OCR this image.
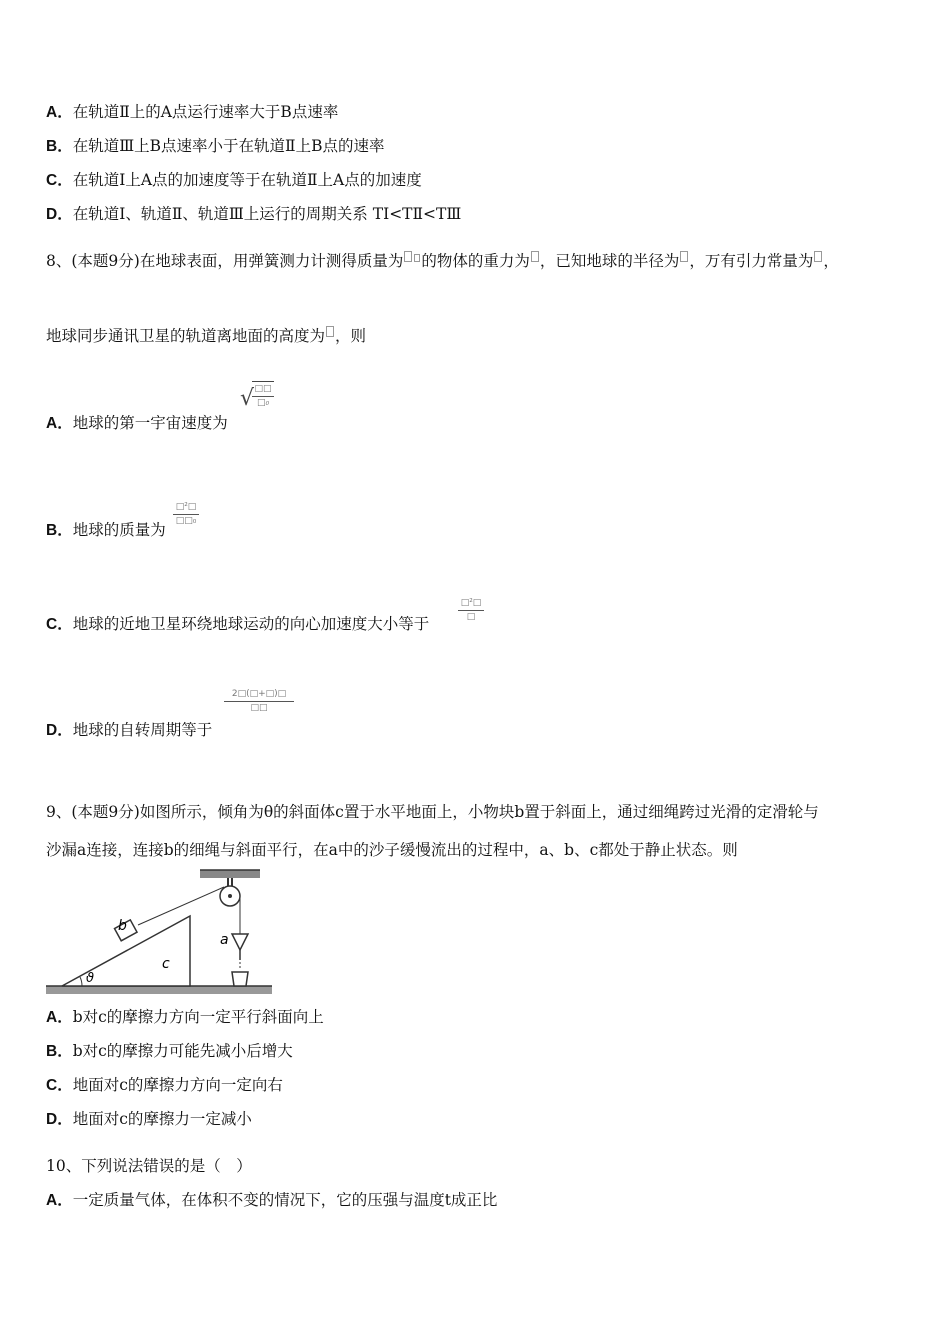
A．在轨道Ⅱ上的A点运行速率大于B点速率
B．在轨道Ⅲ上B点速率小于在轨道Ⅱ上B点的速率
C．在轨道Ⅰ上A点的加速度等于在轨道Ⅱ上A点的加速度
D．在轨道Ⅰ、轨道Ⅱ、轨道Ⅲ上运行的周期关系 TⅠ<TⅡ<TⅢ
8、(本题9分)在地球表面，用弹簧测力计测得质量为 的物体的重力为 ，已知地球的半径为 ，万有引力常量为 ，
地球同步通讯卫星的轨道离地面的高度为 ，则
A．地球的第一宇宙速度为
√ □□
□₀
B．地球的质量为
□²□
□□₀
C．地球的近地卫星环绕地球运动的向心加速度大小等于
□²□
□
D．地球的自转周期等于
2□(□+□)□
□□
9、(本题9分)如图所示，倾角为θ的斜面体c置于水平地面上，小物块b置于斜面上，通过细绳跨过光滑的定滑轮与
沙漏a连接，连接b的细绳与斜面平行，在a中的沙子缓慢流出的过程中，a、b、c都处于静止状态。则
b
a
c
ϑ
A．b对c的摩擦力方向一定平行斜面向上
B．b对c的摩擦力可能先减小后增大
C．地面对c的摩擦力方向一定向右
D．地面对c的摩擦力一定减小
10、下列说法错误的是（　）
A．一定质量气体，在体积不变的情况下，它的压强与温度t成正比
